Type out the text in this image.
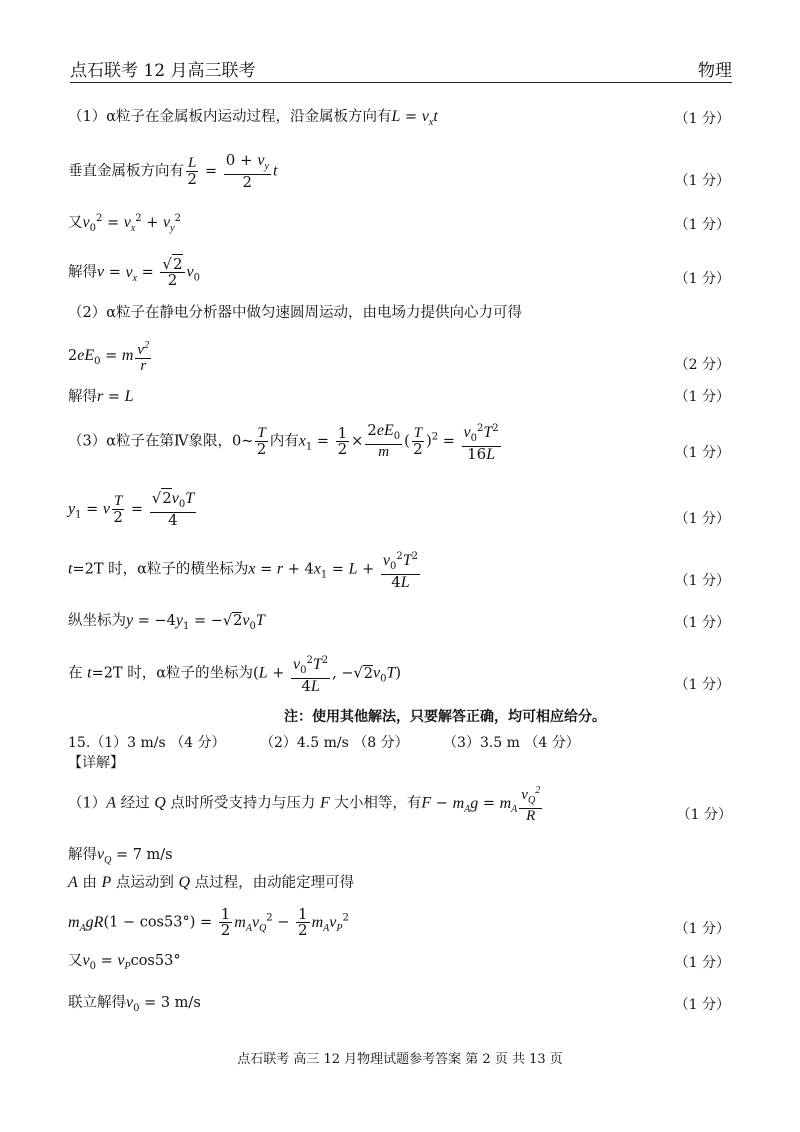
点石联考 12 月高三联考	物理
（1）α粒子在金属板内运动过程，沿金属板方向有$L = v_xt$	（1 分）
垂直金属板方向有 $\frac{L}{2} = \frac{0 + v_y}{2}$ t
（1 分）
又$v_0^2 = v_x^2 + v_y^2$	（1 分）
解得$v = v_x = \frac{√2}{2} v_0$	（1 分）
（2）α粒子在静电分析器中做匀速圆周运动，由电场力提供向心力可得
$2eE_0 = m \frac{v^2}{r}$	（2 分）
解得r = L	（1 分）
（3）α粒子在第Ⅳ象限，0~ $\frac{T}{2}$ 内有$x_1 = \frac{1}{2} \times \frac{2eE_0}{m}$ ( $\frac{T}{2} )^2 = \frac{v_0^2T^2}{16L}$	（1 分）
$y_1 = v \frac{T}{2} = \frac{√2v_0T}{4}$	（1 分）
t=2T 时，α粒子的横坐标为$x = r + 4x_1 = L + \frac{v_0^2T^2}{4L}$	（1 分）
纵坐标为$y = -4y_1 = -√2v_0T$	（1 分）
在 t=2T 时，α粒子的坐标为($L + \frac{v_0^2T^2}{4L}$ , $-√2v_0T$)
（1 分）
注：使用其他解法，只要解答正确，均可相应给分。
15.（1）3 m/s （4 分） （2）4.5 m/s （8 分） （3）3.5 m （4 分）
【详解】
（1）A 经过 Q 点时所受支持力与压力 F 大小相等，有$F - m_Ag = m_A \frac{v_Q^2}{R}$	（1 分）
解得$v_Q = 7$ m/s
A 由 P 点运动到 Q 点过程，由动能定理可得
$m_AgR(1 - \cos 53^\circ) = \frac{1}{2} m_Av_Q^2 - \frac{1}{2} m_Av_P^2$
（1 分）
又$v_0 = v_P\cos 53^\circ$	（1 分）
联立解得$v_0 = 3$ m/s	（1 分）
点石联考 高三 12 月物理试题参考答案 第 2 页 共 13 页
